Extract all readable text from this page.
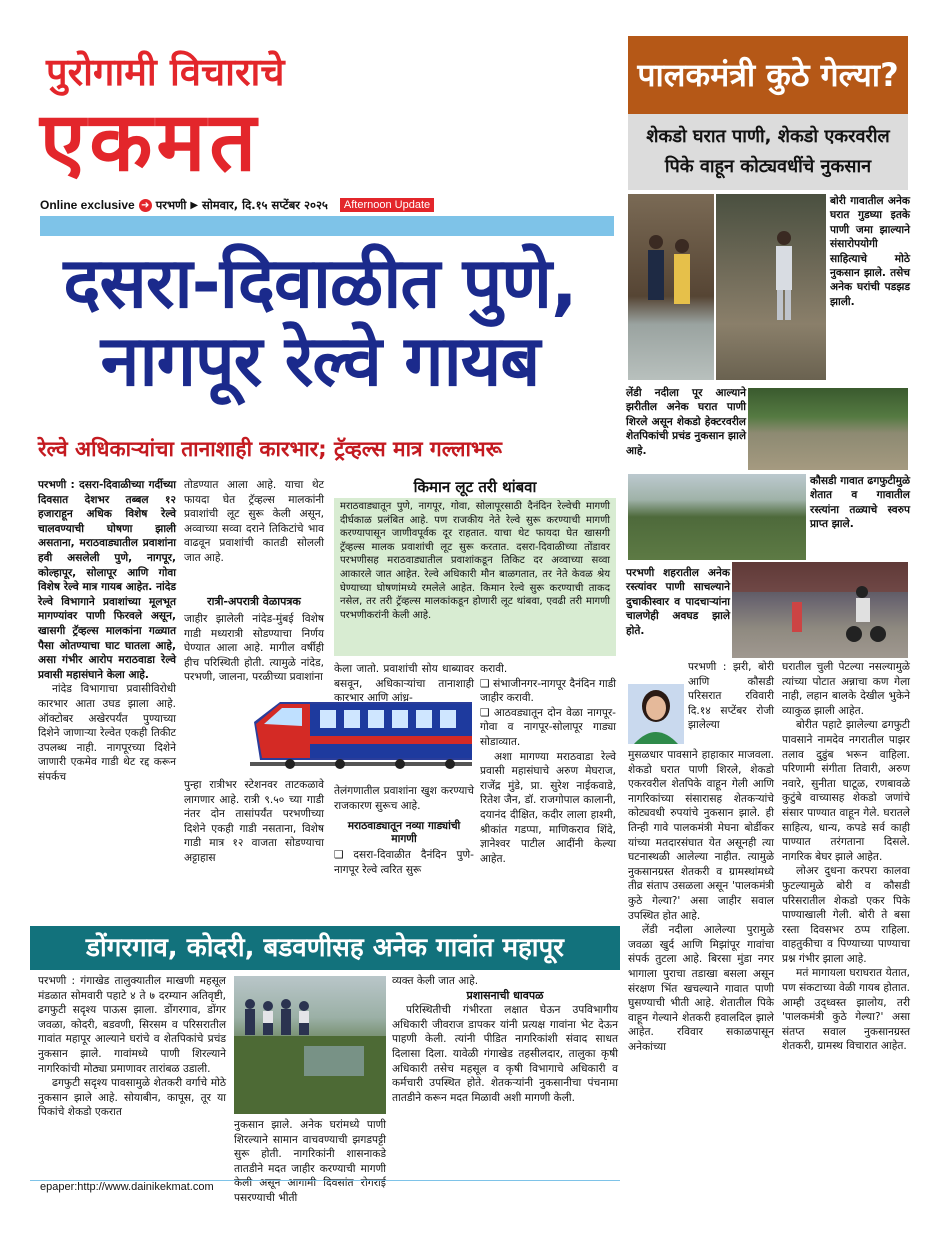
पुरोगामी विचाराचे
एकमत
Online exclusive ➜ परभणी ▶ सोमवार, दि.१५ सप्टेंबर २०२५	Afternoon Update
दसरा-दिवाळीत पुणे,
नागपूर रेल्वे गायब
रेल्वे अधिकाऱ्यांचा तानाशाही कारभार; ट्रॅव्हल्स मात्र गल्लाभरू

परभणी : दसरा-दिवाळीच्या गर्दीच्या दिवसात देशभर तब्बल १२ हजाराहून अधिक विशेष रेल्वे चालवण्याची घोषणा झाली असताना, मराठवाड्यातील प्रवाशांना हवी असलेली पुणे, नागपूर, कोल्हापूर, सोलापूर आणि गोवा विशेष रेल्वे मात्र गायब आहेत. नांदेड रेल्वे विभागाने प्रवाशांच्या मूलभूत मागण्यांवर पाणी फिरवले असून, खासगी ट्रॅव्हल्स मालकांना गळ्यात पैसा ओतण्याचा घाट घातला आहे, असा गंभीर आरोप मराठवाडा रेल्वे प्रवासी महासंघाने केला आहे.

नांदेड विभागाचा प्रवासीविरोधी कारभार आता उघड झाला आहे. ऑक्टोबर अखेरपर्यंत पुण्याच्या दिशेने जाणाऱ्या रेल्वेत एकही तिकीट उपलब्ध नाही. नागपूरच्या दिशेने जाणारी एकमेव गाडी थेट रद्द करून संपर्कच

तोडण्यात आला आहे. याचा थेट फायदा घेत ट्रॅव्हल्स मालकांनी प्रवाशांची लूट सुरू केली असून, अव्वाच्या सव्वा दराने तिकिटांचे भाव वाढवून प्रवाशांची कातडी सोलली जात आहे.

रात्री-अपरात्री वेळापत्रक

जाहीर झालेली नांदेड-मुंबई विशेष गाडी मध्यरात्री सोडण्याचा निर्णय घेण्यात आला आहे. मागील वर्षीही हीच परिस्थिती होती. त्यामुळे नांदेड, परभणी, जालना, परळीच्या प्रवाशांना

पुन्हा रात्रीभर स्टेशनवर ताटकळावे लागणार आहे. रात्री ९.५० च्या गाडी नंतर दोन तासांपर्यंत परभणीच्या दिशेने एकही गाडी नसताना, विशेष गाडी मात्र १२ वाजता सोडण्याचा अट्टाहास

किमान लूट तरी थांबवा
मराठवाड्यातून पुणे, नागपूर, गोवा, सोलापूरसाठी दैनंदिन रेल्वेची मागणी दीर्घकाळ प्रलंबित आहे. पण राजकीय नेते रेल्वे सुरू करण्याची मागणी करण्यापासून जाणीवपूर्वक दूर राहतात. याचा थेट फायदा घेत खासगी ट्रॅव्हल्स मालक प्रवाशांची लूट सुरू करतात. दसरा-दिवाळीच्या तोंडावर परभणीसह मराठवाड्यातील प्रवाशांकडून तिकिट दर अव्वाच्या सव्वा आकारले जात आहेत. रेल्वे अधिकारी मौन बाळगतात, तर नेते केवळ श्रेय घेण्याच्या घोषणांमध्ये रमलेले आहेत. किमान रेल्वे सुरू करण्याची ताकद नसेल, तर तरी ट्रॅव्हल्स मालकांकडून होणारी लूट थांबवा, एवढी तरी मागणी परभणीकरांनी केली आहे.

केला जातो. प्रवाशांची सोय धाब्यावर बसवून, अधिकाऱ्यांचा तानाशाही कारभार आणि आंध्र-

तेलंगणातील प्रवाशांना खुश करण्याचे राजकारण सुरूच आहे.

मराठवाड्यातून नव्या गाड्यांची मागणी

❑ दसरा-दिवाळीत दैनंदिन पुणे-नागपूर रेल्वे त्वरित सुरू

करावी.

❑ संभाजीनगर-नागपूर दैनंदिन गाडी जाहीर करावी.

❑ आठवड्यातून दोन वेळा नागपूर-गोवा व नागपूर-सोलापूर गाड्या सोडाव्यात.

अशा मागण्या मराठवाडा रेल्वे प्रवासी महासंघाचे अरुण मेघराज, राजेंद्र मुंडे, प्रा. सुरेश नाईकवाडे, रितेश जैन, डॉ. राजगोपाल कालानी, दयानंद दीक्षित, कदीर लाला हाश्मी, श्रीकांत गडप्पा, माणिकराव शिंदे, ज्ञानेश्वर पाटील आदींनी केल्या आहेत.

डोंगरगाव, कोदरी, बडवणीसह अनेक गावांत महापूर

परभणी : गंगाखेड तालुक्यातील माखणी महसूल मंडळात सोमवारी पहाटे ४ ते ७ दरम्यान अतिवृष्टी, ढगफुटी सदृश्य पाऊस झाला. डोंगरगाव, डोंगर जवळा, कोदरी, बडवणी, सिरसम व परिसरातील गावांत महापूर आल्याने घरांचे व शेतपिकांचे प्रचंड नुकसान झाले. गावांमध्ये पाणी शिरल्याने नागरिकांची मोठ्या प्रमाणावर तारांबळ उडाली.

ढगफुटी सदृश्य पावसामुळे शेतकरी वर्गाचे मोठे नुकसान झाले आहे. सोयाबीन, कापूस, तूर या पिकांचे शेकडो एकरात

नुकसान झाले. अनेक घरांमध्ये पाणी शिरल्याने सामान वाचवण्याची झगडपट्टी सुरू होती. नागरिकांनी शासनाकडे तातडीने मदत जाहीर करण्याची मागणी केली असून आगामी दिवसांत रोगराई पसरण्याची भीती

व्यक्त केली जात आहे.

प्रशासनाची धावपळ

परिस्थितीची गंभीरता लक्षात घेऊन उपविभागीय अधिकारी जीवराज डापकर यांनी प्रत्यक्ष गावांना भेट देऊन पाहणी केली. त्यांनी पीडित नागरिकांशी संवाद साधत दिलासा दिला. यावेळी गंगाखेड तहसीलदार, तालुका कृषी अधिकारी तसेच महसूल व कृषी विभागाचे अधिकारी व कर्मचारी उपस्थित होते. शेतकऱ्यांनी नुकसानीचा पंचनामा तातडीने करून मदत मिळावी अशी मागणी केली.

epaper:http://www.dainikekmat.com
पालकमंत्री कुठे गेल्या?
शेकडो घरात पाणी, शेकडो एकरवरील पिके वाहून कोट्यवधींचे नुकसान
बोरी गावातील अनेक घरात गुडघ्या इतके पाणी जमा झाल्याने संसारोपयोगी साहित्याचे मोठे नुकसान झाले. तसेच अनेक घरांची पडझड झाली.
लेंडी नदीला पूर आल्याने झरीतील अनेक घरात पाणी शिरले असून शेकडो हेक्टरवरील शेतपिकांची प्रचंड नुकसान झाले आहे.
कौसडी गावात ढगफुटीमुळे शेतात व गावातील रस्त्यांना तळ्याचे स्वरुप प्राप्त झाले.
परभणी शहरातील अनेक रस्त्यांवर पाणी साचल्याने दुचाकीस्वार व पादचाऱ्यांना चालणेही अवघड झाले होते.

परभणी : झरी, बोरी आणि कौसडी परिसरात रविवारी दि.१४ सप्टेंबर रोजी झालेल्या

मुसळधार पावसाने हाहाकार माजवला. शेकडो घरात पाणी शिरले, शेकडो एकरवरील शेतपिके वाहून गेली आणि नागरिकांच्या संसारासह शेतकऱ्यांचे कोट्यवधी रुपयांचे नुकसान झाले. ही तिन्ही गावे पालकमंत्री मेघना बोर्डीकर यांच्या मतदारसंघात येत असूनही त्या घटनास्थळी आलेल्या नाहीत. त्यामुळे नुकसानग्रस्त शेतकरी व ग्रामस्थांमध्ये तीव्र संताप उसळला असून 'पालकमंत्री कुठे गेल्या?' असा जाहीर सवाल उपस्थित होत आहे.

लेंडी नदीला आलेल्या पुरामुळे जवळा खुर्द आणि मिझांपूर गावांचा संपर्क तुटला आहे. बिरसा मुंडा नगर भागाला पुराचा तडाखा बसला असून संरक्षण भिंत खचल्याने गावात पाणी घुसण्याची भीती आहे. शेतातील पिके वाहून गेल्याने शेतकरी हवालदिल झाले आहेत. रविवार सकाळपासून अनेकांच्या

घरातील चुली पेटल्या नसल्यामुळे त्यांच्या पोटात अन्नाचा कण गेला नाही, लहान बालके देखील भुकेने व्याकुळ झाली आहेत.

बोरीत पहाटे झालेल्या ढगफुटी पावसाने नामदेव नगरातील पाझर तलाव दुडुंब भरून वाहिला. परिणामी संगीता तिवारी, अरुण नवारे, सुनीता घाटूळ, रणबावळे कुटुंबे वाच्यासह शेकडो जणांचे संसार पाण्यात वाहून गेले. घरातले साहित्य, धान्य, कपडे सर्व काही पाण्यात तरंगताना दिसले. नागरिक बेघर झाले आहेत.

लोअर दुधना करपरा कालवा फुटल्यामुळे बोरी व कौसडी परिसरातील शेकडो एकर पिके पाण्याखाली गेली. बोरी ते बसा रस्ता दिवसभर ठप्प राहिला. वाहतुकीचा व पिण्याच्या पाण्याचा प्रश्न गंभीर झाला आहे.

मतं मागायला घराघरात येतात, पण संकटाच्या वेळी गायब होतात. आम्ही उद्ध्वस्त झालोय, तरी 'पालकमंत्री कुठे गेल्या?' असा संतप्त सवाल नुकसानग्रस्त शेतकरी, ग्रामस्थ विचारात आहेत.
